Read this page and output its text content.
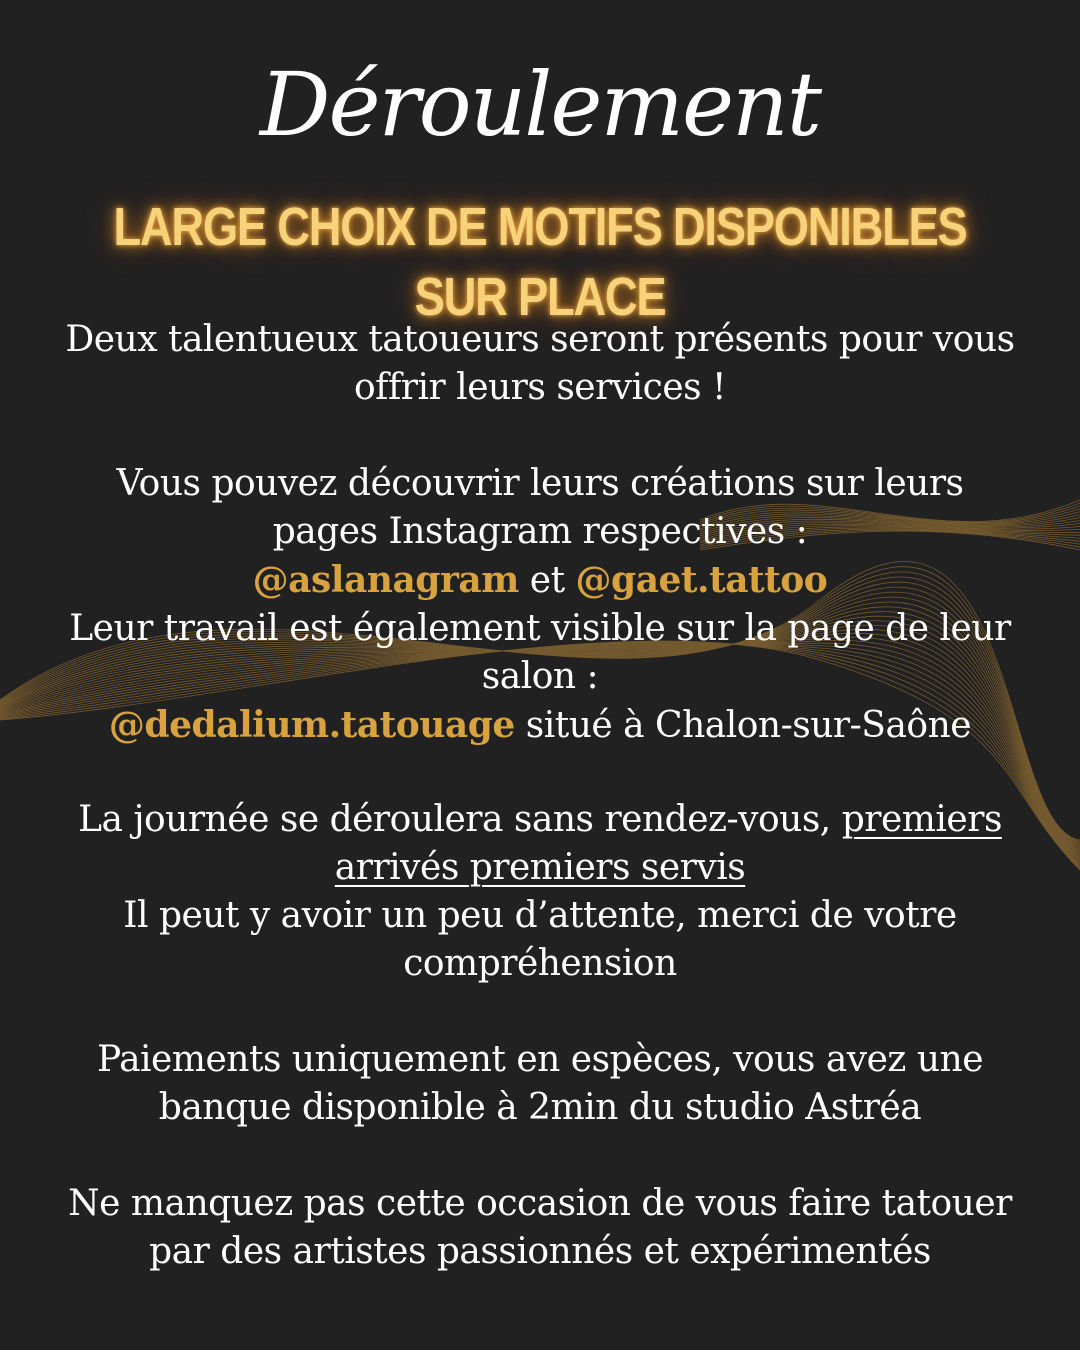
Déroulement
LARGE CHOIX DE MOTIFS DISPONIBLES SUR PLACE
Deux talentueux tatoueurs seront présents pour vous
offrir leurs services !
Vous pouvez découvrir leurs créations sur leurs
pages Instagram respectives :
@aslanagram et @gaet.tattoo
Leur travail est également visible sur la page de leur
salon :
@dedalium.tatouage situé à Chalon-sur-Saône
La journée se déroulera sans rendez-vous, premiers
arrivés premiers servis
Il peut y avoir un peu d’attente, merci de votre
compréhension
Paiements uniquement en espèces, vous avez une
banque disponible à 2min du studio Astréa
Ne manquez pas cette occasion de vous faire tatouer
par des artistes passionnés et expérimentés
